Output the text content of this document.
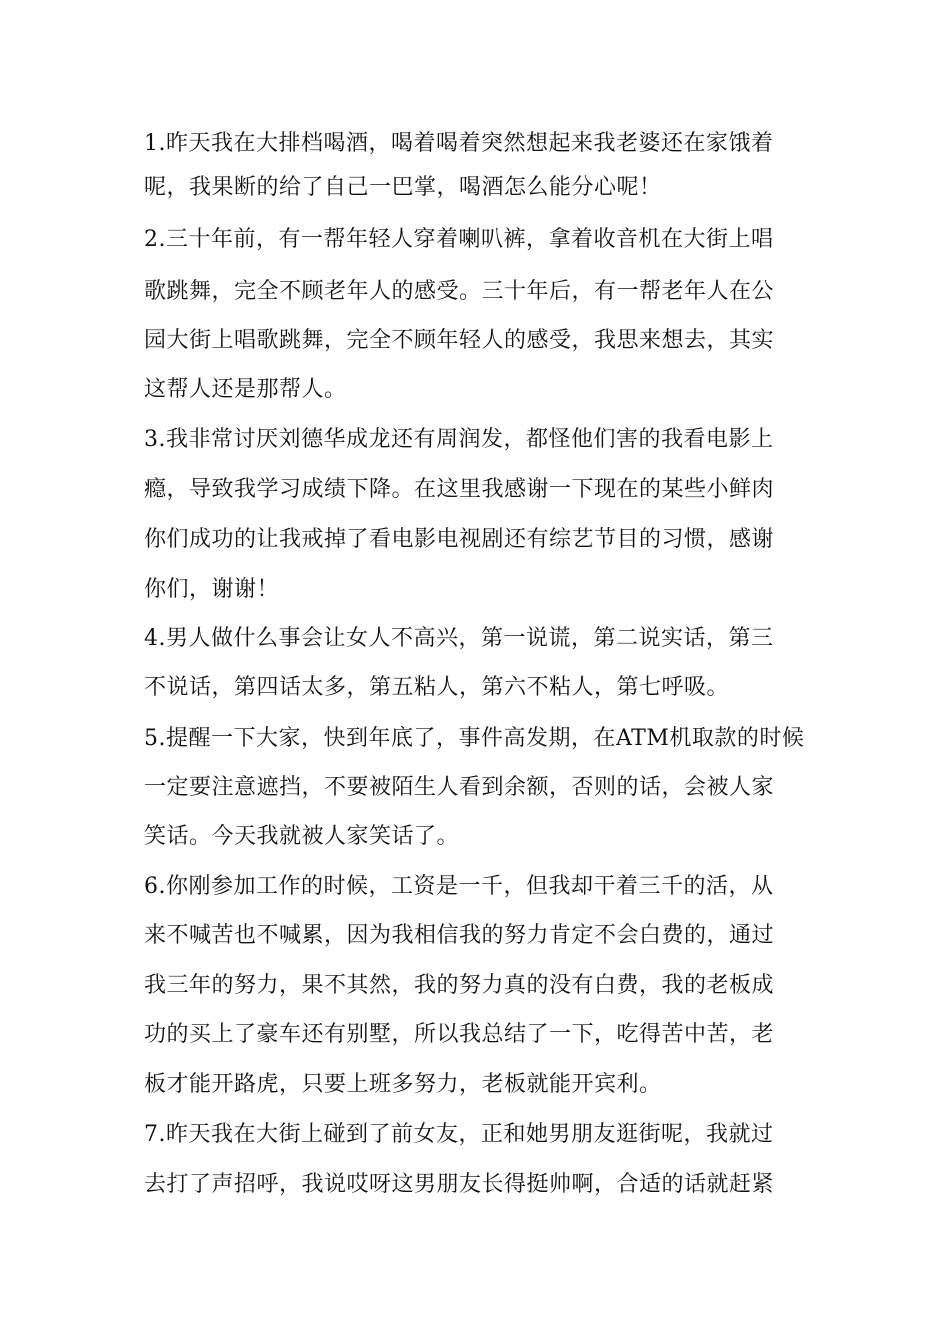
1.昨天我在大排档喝酒，喝着喝着突然想起来我老婆还在家饿着

呢，我果断的给了自己一巴掌，喝酒怎么能分心呢！

2.三十年前，有一帮年轻人穿着喇叭裤，拿着收音机在大街上唱

歌跳舞，完全不顾老年人的感受。三十年后，有一帮老年人在公

园大街上唱歌跳舞，完全不顾年轻人的感受，我思来想去，其实

这帮人还是那帮人。

3.我非常讨厌刘德华成龙还有周润发，都怪他们害的我看电影上

瘾，导致我学习成绩下降。在这里我感谢一下现在的某些小鲜肉

你们成功的让我戒掉了看电影电视剧还有综艺节目的习惯，感谢

你们，谢谢！

4.男人做什么事会让女人不高兴，第一说谎，第二说实话，第三

不说话，第四话太多，第五粘人，第六不粘人，第七呼吸。

5.提醒一下大家，快到年底了，事件高发期，在ATM机取款的时候

一定要注意遮挡，不要被陌生人看到余额，否则的话，会被人家

笑话。今天我就被人家笑话了。

6.你刚参加工作的时候，工资是一千，但我却干着三千的活，从

来不喊苦也不喊累，因为我相信我的努力肯定不会白费的，通过

我三年的努力，果不其然，我的努力真的没有白费，我的老板成

功的买上了豪车还有别墅，所以我总结了一下，吃得苦中苦，老

板才能开路虎，只要上班多努力，老板就能开宾利。

7.昨天我在大街上碰到了前女友，正和她男朋友逛街呢，我就过

去打了声招呼，我说哎呀这男朋友长得挺帅啊，合适的话就赶紧
